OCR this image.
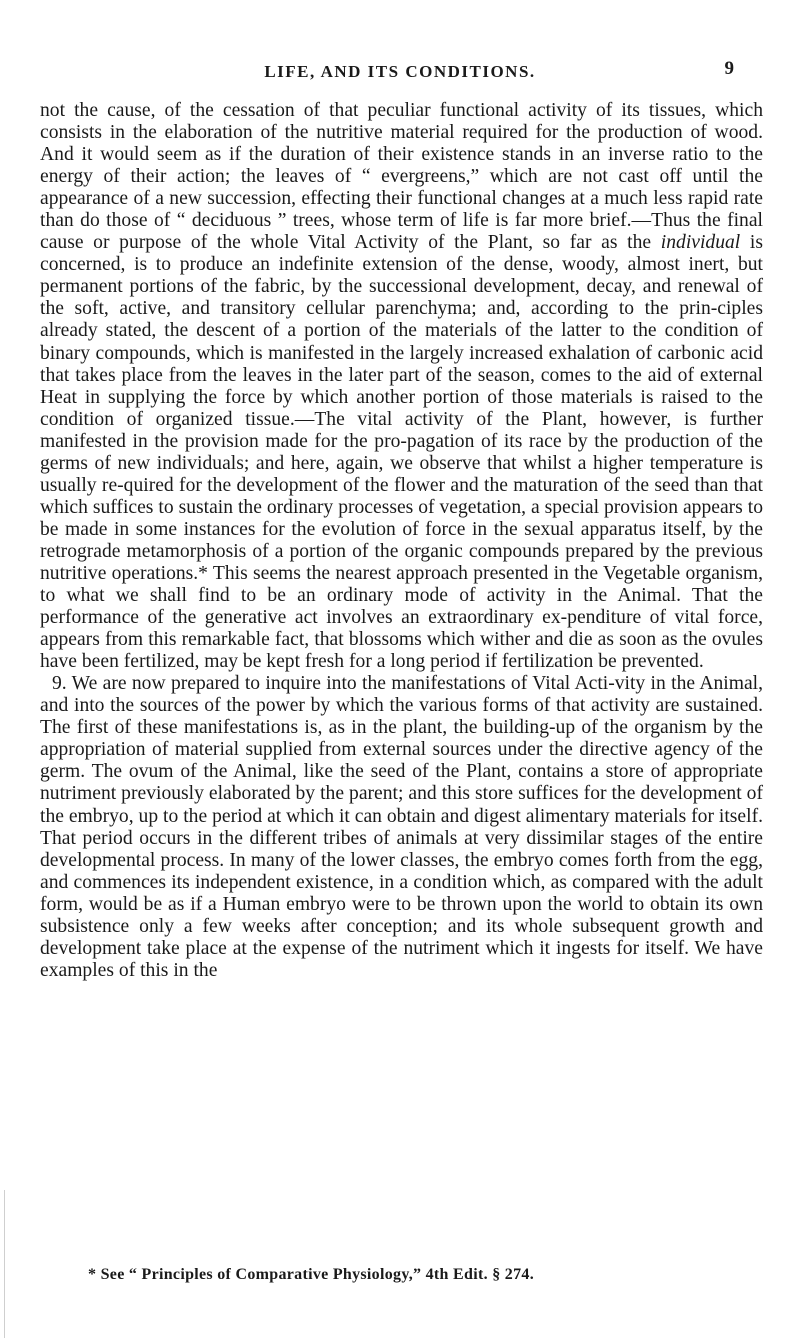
LIFE, AND ITS CONDITIONS.	9

not the cause, of the cessation of that peculiar functional activity of its tissues, which consists in the elaboration of the nutritive material required for the production of wood. And it would seem as if the duration of their existence stands in an inverse ratio to the energy of their action; the leaves of “ evergreens,” which are not cast off until the appearance of a new succession, effecting their functional changes at a much less rapid rate than do those of “ deciduous ” trees, whose term of life is far more brief.—Thus the final cause or purpose of the whole Vital Activity of the Plant, so far as the individual is concerned, is to produce an indefinite extension of the dense, woody, almost inert, but permanent portions of the fabric, by the successional development, decay, and renewal of the soft, active, and transitory cellular parenchyma; and, according to the prin-ciples already stated, the descent of a portion of the materials of the latter to the condition of binary compounds, which is manifested in the largely increased exhalation of carbonic acid that takes place from the leaves in the later part of the season, comes to the aid of external Heat in supplying the force by which another portion of those materials is raised to the condition of organized tissue.—The vital activity of the Plant, however, is further manifested in the provision made for the pro-pagation of its race by the production of the germs of new individuals; and here, again, we observe that whilst a higher temperature is usually re-quired for the development of the flower and the maturation of the seed than that which suffices to sustain the ordinary processes of vegetation, a special provision appears to be made in some instances for the evolution of force in the sexual apparatus itself, by the retrograde metamorphosis of a portion of the organic compounds prepared by the previous nutritive operations.* This seems the nearest approach presented in the Vegetable organism, to what we shall find to be an ordinary mode of activity in the Animal. That the performance of the generative act involves an extraordinary ex-penditure of vital force, appears from this remarkable fact, that blossoms which wither and die as soon as the ovules have been fertilized, may be kept fresh for a long period if fertilization be prevented.

9. We are now prepared to inquire into the manifestations of Vital Acti-vity in the Animal, and into the sources of the power by which the various forms of that activity are sustained. The first of these manifestations is, as in the plant, the building-up of the organism by the appropriation of material supplied from external sources under the directive agency of the germ. The ovum of the Animal, like the seed of the Plant, contains a store of appropriate nutriment previously elaborated by the parent; and this store suffices for the development of the embryo, up to the period at which it can obtain and digest alimentary materials for itself. That period occurs in the different tribes of animals at very dissimilar stages of the entire developmental process. In many of the lower classes, the embryo comes forth from the egg, and commences its independent existence, in a condition which, as compared with the adult form, would be as if a Human embryo were to be thrown upon the world to obtain its own subsistence only a few weeks after conception; and its whole subsequent growth and development take place at the expense of the nutriment which it ingests for itself. We have examples of this in the

* See “ Principles of Comparative Physiology,” 4th Edit. § 274.
